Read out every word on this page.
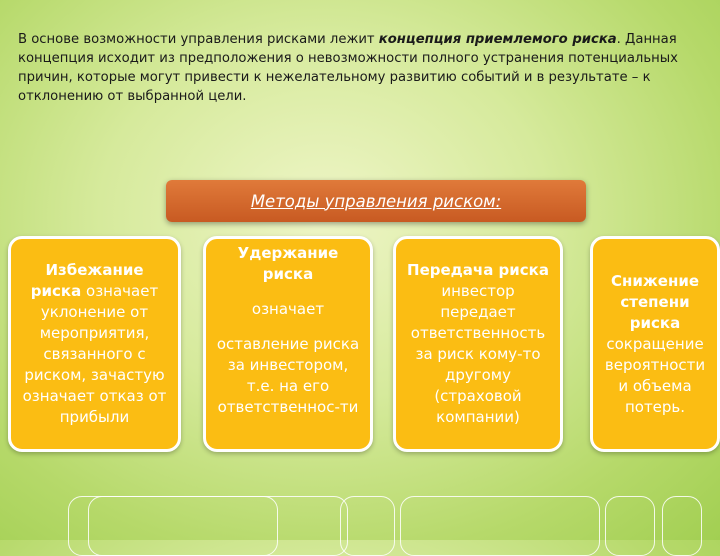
В основе возможности управления рисками лежит концепция приемлемого риска. Данная концепция исходит из предположения о невозможности полного устранения потенциальных причин, которые могут привести к нежелательному развитию событий и в результате – к отклонению от выбранной цели.

Методы управления риском:
Избежание риска означает уклонение от мероприятия, связанного с риском, зачастую означает отказ от прибыли
Удержание риска
означает
оставление риска за инвестором, т.е. на его ответственнос-ти
Передача риска
инвестор передает ответственность за риск кому-то другому (страховой компании)
Снижение степени риска
сокращение вероятности и объема потерь.
